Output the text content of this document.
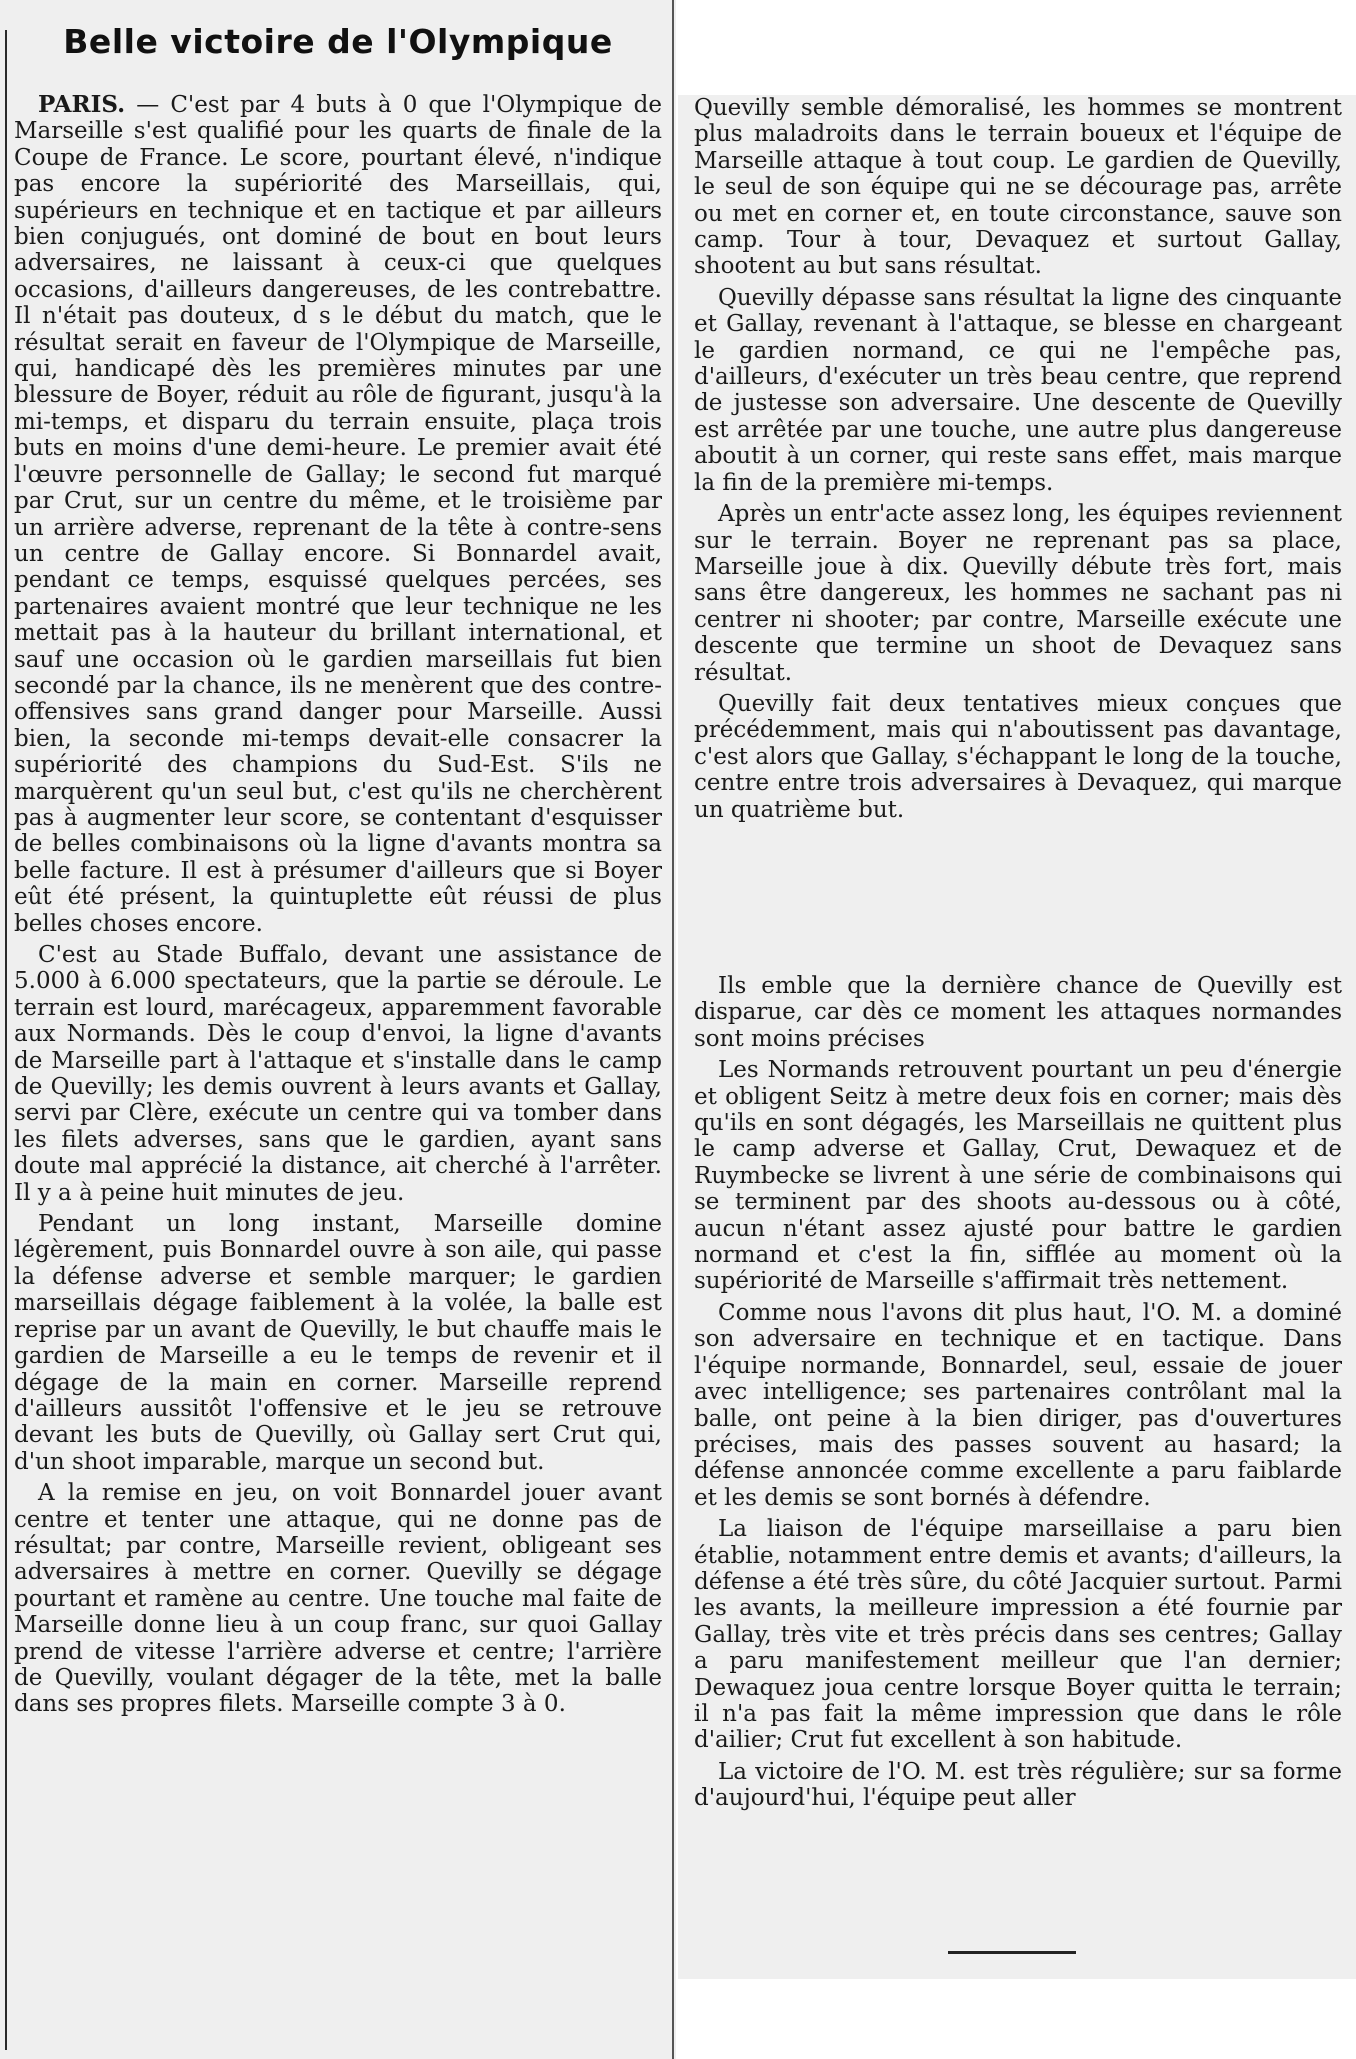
Belle victoire de l'Olympique

PARIS. — C'est par 4 buts à 0 que l'Olympique de Marseille s'est qualifié pour les quarts de finale de la Coupe de France. Le score, pourtant élevé, n'indique pas encore la supériorité des Marseillais, qui, supérieurs en technique et en tactique et par ailleurs bien conjugués, ont dominé de bout en bout leurs adversaires, ne laissant à ceux-ci que quelques occasions, d'ailleurs dangereuses, de les contrebattre. Il n'était pas douteux, d s le début du match, que le résultat serait en faveur de l'Olympique de Marseille, qui, handicapé dès les premières minutes par une blessure de Boyer, réduit au rôle de figurant, jusqu'à la mi-temps, et disparu du terrain ensuite, plaça trois buts en moins d'une demi-heure. Le premier avait été l'œuvre personnelle de Gallay; le second fut marqué par Crut, sur un centre du même, et le troisième par un arrière adverse, reprenant de la tête à contre-sens un centre de Gallay encore. Si Bonnardel avait, pendant ce temps, esquissé quelques percées, ses partenaires avaient montré que leur technique ne les mettait pas à la hauteur du brillant international, et sauf une occasion où le gardien marseillais fut bien secondé par la chance, ils ne menèrent que des contre-offensives sans grand danger pour Marseille. Aussi bien, la seconde mi-temps devait-elle consacrer la supériorité des champions du Sud-Est. S'ils ne marquèrent qu'un seul but, c'est qu'ils ne cherchèrent pas à augmenter leur score, se contentant d'esquisser de belles combinaisons où la ligne d'avants montra sa belle facture. Il est à présumer d'ailleurs que si Boyer eût été présent, la quintuplette eût réussi de plus belles choses encore.

C'est au Stade Buffalo, devant une assistance de 5.000 à 6.000 spectateurs, que la partie se déroule. Le terrain est lourd, marécageux, apparemment favorable aux Normands. Dès le coup d'envoi, la ligne d'avants de Marseille part à l'attaque et s'installe dans le camp de Quevilly; les demis ouvrent à leurs avants et Gallay, servi par Clère, exécute un centre qui va tomber dans les filets adverses, sans que le gardien, ayant sans doute mal apprécié la distance, ait cherché à l'arrêter. Il y a à peine huit minutes de jeu.

Pendant un long instant, Marseille domine légèrement, puis Bonnardel ouvre à son aile, qui passe la défense adverse et semble marquer; le gardien marseillais dégage faiblement à la volée, la balle est reprise par un avant de Quevilly, le but chauffe mais le gardien de Marseille a eu le temps de revenir et il dégage de la main en corner. Marseille reprend d'ailleurs aussitôt l'offensive et le jeu se retrouve devant les buts de Quevilly, où Gallay sert Crut qui, d'un shoot imparable, marque un second but.

A la remise en jeu, on voit Bonnardel jouer avant centre et tenter une attaque, qui ne donne pas de résultat; par contre, Marseille revient, obligeant ses adversaires à mettre en corner. Quevilly se dégage pourtant et ramène au centre. Une touche mal faite de Marseille donne lieu à un coup franc, sur quoi Gallay prend de vitesse l'arrière adverse et centre; l'arrière de Quevilly, voulant dégager de la tête, met la balle dans ses propres filets. Marseille compte 3 à 0.

Quevilly semble démoralisé, les hommes se montrent plus maladroits dans le terrain boueux et l'équipe de Marseille attaque à tout coup. Le gardien de Quevilly, le seul de son équipe qui ne se décourage pas, arrête ou met en corner et, en toute circonstance, sauve son camp. Tour à tour, Devaquez et surtout Gallay, shootent au but sans résultat.

Quevilly dépasse sans résultat la ligne des cinquante et Gallay, revenant à l'attaque, se blesse en chargeant le gardien normand, ce qui ne l'empêche pas, d'ailleurs, d'exécuter un très beau centre, que reprend de justesse son adversaire. Une descente de Quevilly est arrêtée par une touche, une autre plus dangereuse aboutit à un corner, qui reste sans effet, mais marque la fin de la première mi-temps.

Après un entr'acte assez long, les équipes reviennent sur le terrain. Boyer ne reprenant pas sa place, Marseille joue à dix. Quevilly débute très fort, mais sans être dangereux, les hommes ne sachant pas ni centrer ni shooter; par contre, Marseille exécute une descente que termine un shoot de Devaquez sans résultat.

Quevilly fait deux tentatives mieux conçues que précédemment, mais qui n'aboutissent pas davantage, c'est alors que Gallay, s'échappant le long de la touche, centre entre trois adversaires à Devaquez, qui marque un quatrième but.

Ils emble que la dernière chance de Quevilly est disparue, car dès ce moment les attaques normandes sont moins précises

Les Normands retrouvent pourtant un peu d'énergie et obligent Seitz à metre deux fois en corner; mais dès qu'ils en sont dégagés, les Marseillais ne quittent plus le camp adverse et Gallay, Crut, Dewaquez et de Ruymbecke se livrent à une série de combinaisons qui se terminent par des shoots au-dessous ou à côté, aucun n'étant assez ajusté pour battre le gardien normand et c'est la fin, sifflée au moment où la supériorité de Marseille s'affirmait très nettement.

Comme nous l'avons dit plus haut, l'O. M. a dominé son adversaire en technique et en tactique. Dans l'équipe normande, Bonnardel, seul, essaie de jouer avec intelligence; ses partenaires contrôlant mal la balle, ont peine à la bien diriger, pas d'ouvertures précises, mais des passes souvent au hasard; la défense annoncée comme excellente a paru faiblarde et les demis se sont bornés à défendre.

La liaison de l'équipe marseillaise a paru bien établie, notamment entre demis et avants; d'ailleurs, la défense a été très sûre, du côté Jacquier surtout. Parmi les avants, la meilleure impression a été fournie par Gallay, très vite et très précis dans ses centres; Gallay a paru manifestement meilleur que l'an dernier; Dewaquez joua centre lorsque Boyer quitta le terrain; il n'a pas fait la même impression que dans le rôle d'ailier; Crut fut excellent à son habitude.

La victoire de l'O. M. est très régulière; sur sa forme d'aujourd'hui, l'équipe peut aller
